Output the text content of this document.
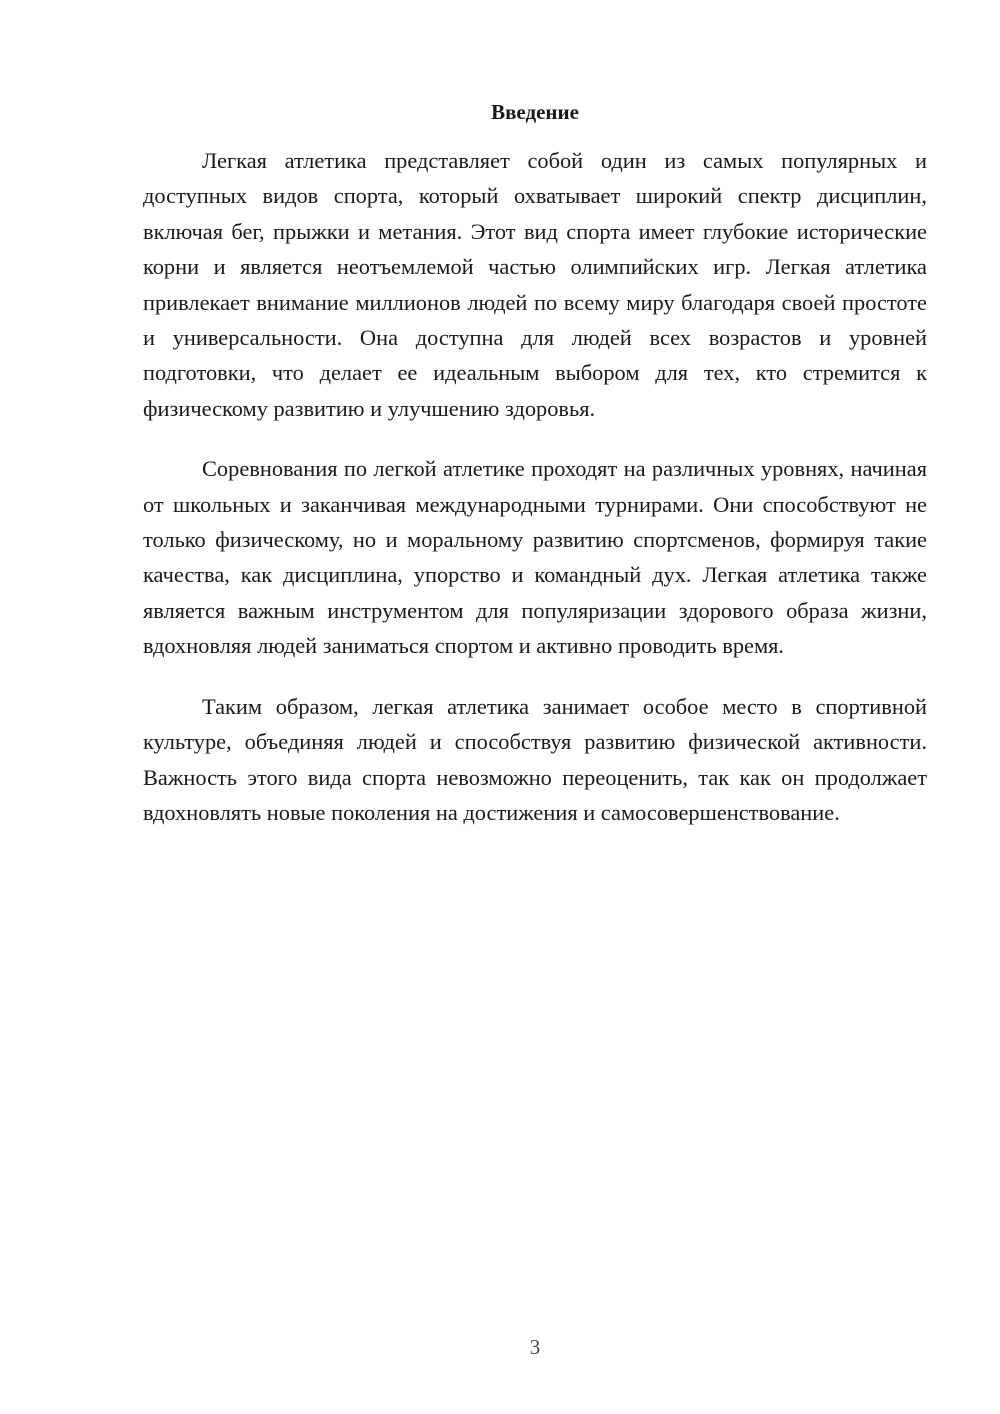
Введение

Легкая атлетика представляет собой один из самых популярных и доступных видов спорта, который охватывает широкий спектр дисциплин, включая бег, прыжки и метания. Этот вид спорта имеет глубокие исторические корни и является неотъемлемой частью олимпийских игр. Легкая атлетика привлекает внимание миллионов людей по всему миру благодаря своей простоте и универсальности. Она доступна для людей всех возрастов и уровней подготовки, что делает ее идеальным выбором для тех, кто стремится к физическому развитию и улучшению здоровья.

Соревнования по легкой атлетике проходят на различных уровнях, начиная от школьных и заканчивая международными турнирами. Они способствуют не только физическому, но и моральному развитию спортсменов, формируя такие качества, как дисциплина, упорство и командный дух. Легкая атлетика также является важным инструментом для популяризации здорового образа жизни, вдохновляя людей заниматься спортом и активно проводить время.

Таким образом, легкая атлетика занимает особое место в спортивной культуре, объединяя людей и способствуя развитию физической активности. Важность этого вида спорта невозможно переоценить, так как он продолжает вдохновлять новые поколения на достижения и самосовершенствование.

3
